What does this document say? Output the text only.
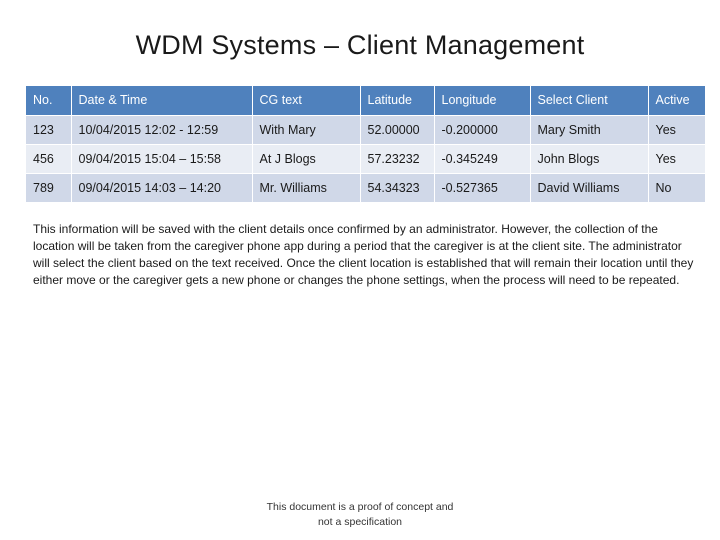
WDM Systems – Client Management
No.	Date & Time	CG text	Latitude	Longitude	Select Client	Active
123	10/04/2015 12:02 - 12:59	With Mary	52.00000	-0.200000	Mary Smith	Yes
456	09/04/2015 15:04 – 15:58	At J Blogs	57.23232	-0.345249	John Blogs	Yes
789	09/04/2015 14:03 – 14:20	Mr. Williams	54.34323	-0.527365	David Williams	No

This information will be saved with the client details once confirmed by an administrator. However, the collection of the location will be taken from the caregiver phone app during a period that the caregiver is at the client site. The administrator will select the client based on the text received. Once the client location is established that will remain their location until they either move or the caregiver gets a new phone or changes the phone settings, when the process will need to be repeated.

This document is a proof of concept and
not a specification
